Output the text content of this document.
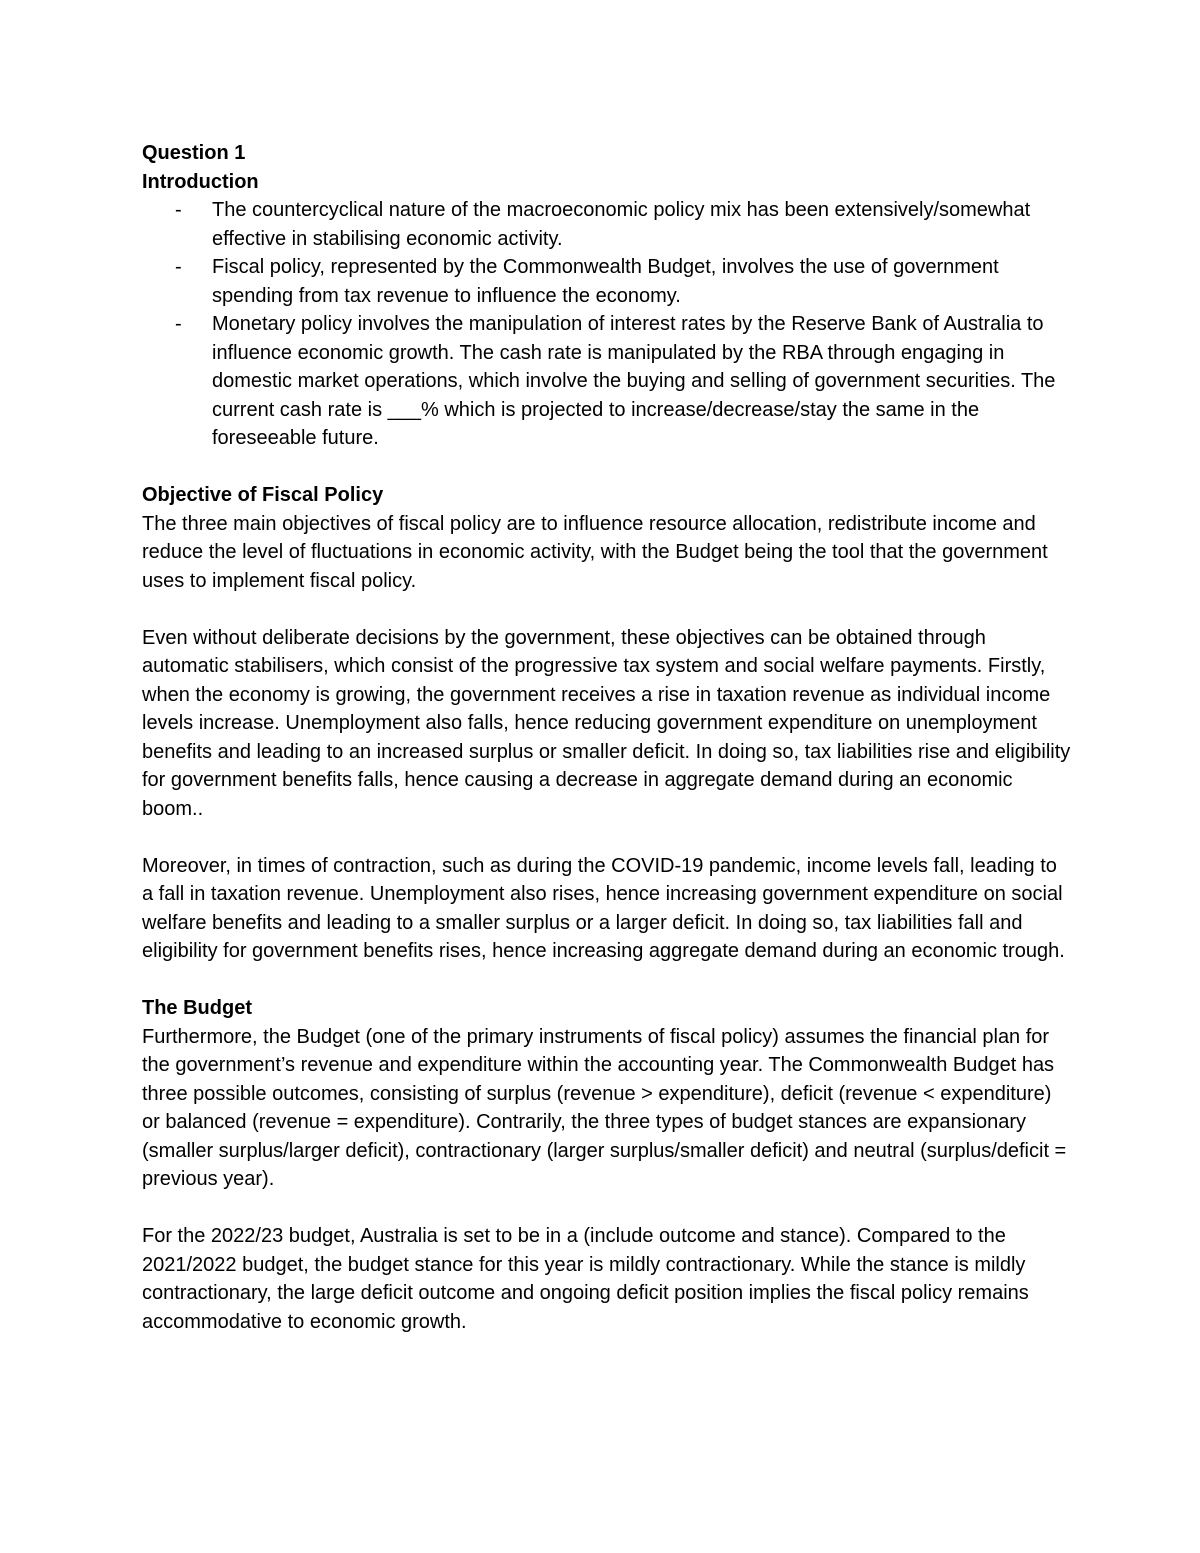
Question 1

Introduction

- The countercyclical nature of the macroeconomic policy mix has been extensively/somewhat effective in stabilising economic activity.
- Fiscal policy, represented by the Commonwealth Budget, involves the use of government spending from tax revenue to influence the economy.
- Monetary policy involves the manipulation of interest rates by the Reserve Bank of Australia to influence economic growth. The cash rate is manipulated by the RBA through engaging in domestic market operations, which involve the buying and selling of government securities. The current cash rate is ___% which is projected to increase/decrease/stay the same in the foreseeable future.

Objective of Fiscal Policy

The three main objectives of fiscal policy are to influence resource allocation, redistribute income and reduce the level of fluctuations in economic activity, with the Budget being the tool that the government uses to implement fiscal policy.

Even without deliberate decisions by the government, these objectives can be obtained through automatic stabilisers, which consist of the progressive tax system and social welfare payments. Firstly, when the economy is growing, the government receives a rise in taxation revenue as individual income levels increase. Unemployment also falls, hence reducing government expenditure on unemployment benefits and leading to an increased surplus or smaller deficit. In doing so, tax liabilities rise and eligibility for government benefits falls, hence causing a decrease in aggregate demand during an economic boom..

Moreover, in times of contraction, such as during the COVID-19 pandemic, income levels fall, leading to a fall in taxation revenue. Unemployment also rises, hence increasing government expenditure on social welfare benefits and leading to a smaller surplus or a larger deficit. In doing so, tax liabilities fall and eligibility for government benefits rises, hence increasing aggregate demand during an economic trough.

The Budget

Furthermore, the Budget (one of the primary instruments of fiscal policy) assumes the financial plan for the government’s revenue and expenditure within the accounting year. The Commonwealth Budget has three possible outcomes, consisting of surplus (revenue > expenditure), deficit (revenue < expenditure) or balanced (revenue = expenditure). Contrarily, the three types of budget stances are expansionary (smaller surplus/larger deficit), contractionary (larger surplus/smaller deficit) and neutral (surplus/deficit = previous year).

For the 2022/23 budget, Australia is set to be in a (include outcome and stance). Compared to the 2021/2022 budget, the budget stance for this year is mildly contractionary. While the stance is mildly contractionary, the large deficit outcome and ongoing deficit position implies the fiscal policy remains accommodative to economic growth.
